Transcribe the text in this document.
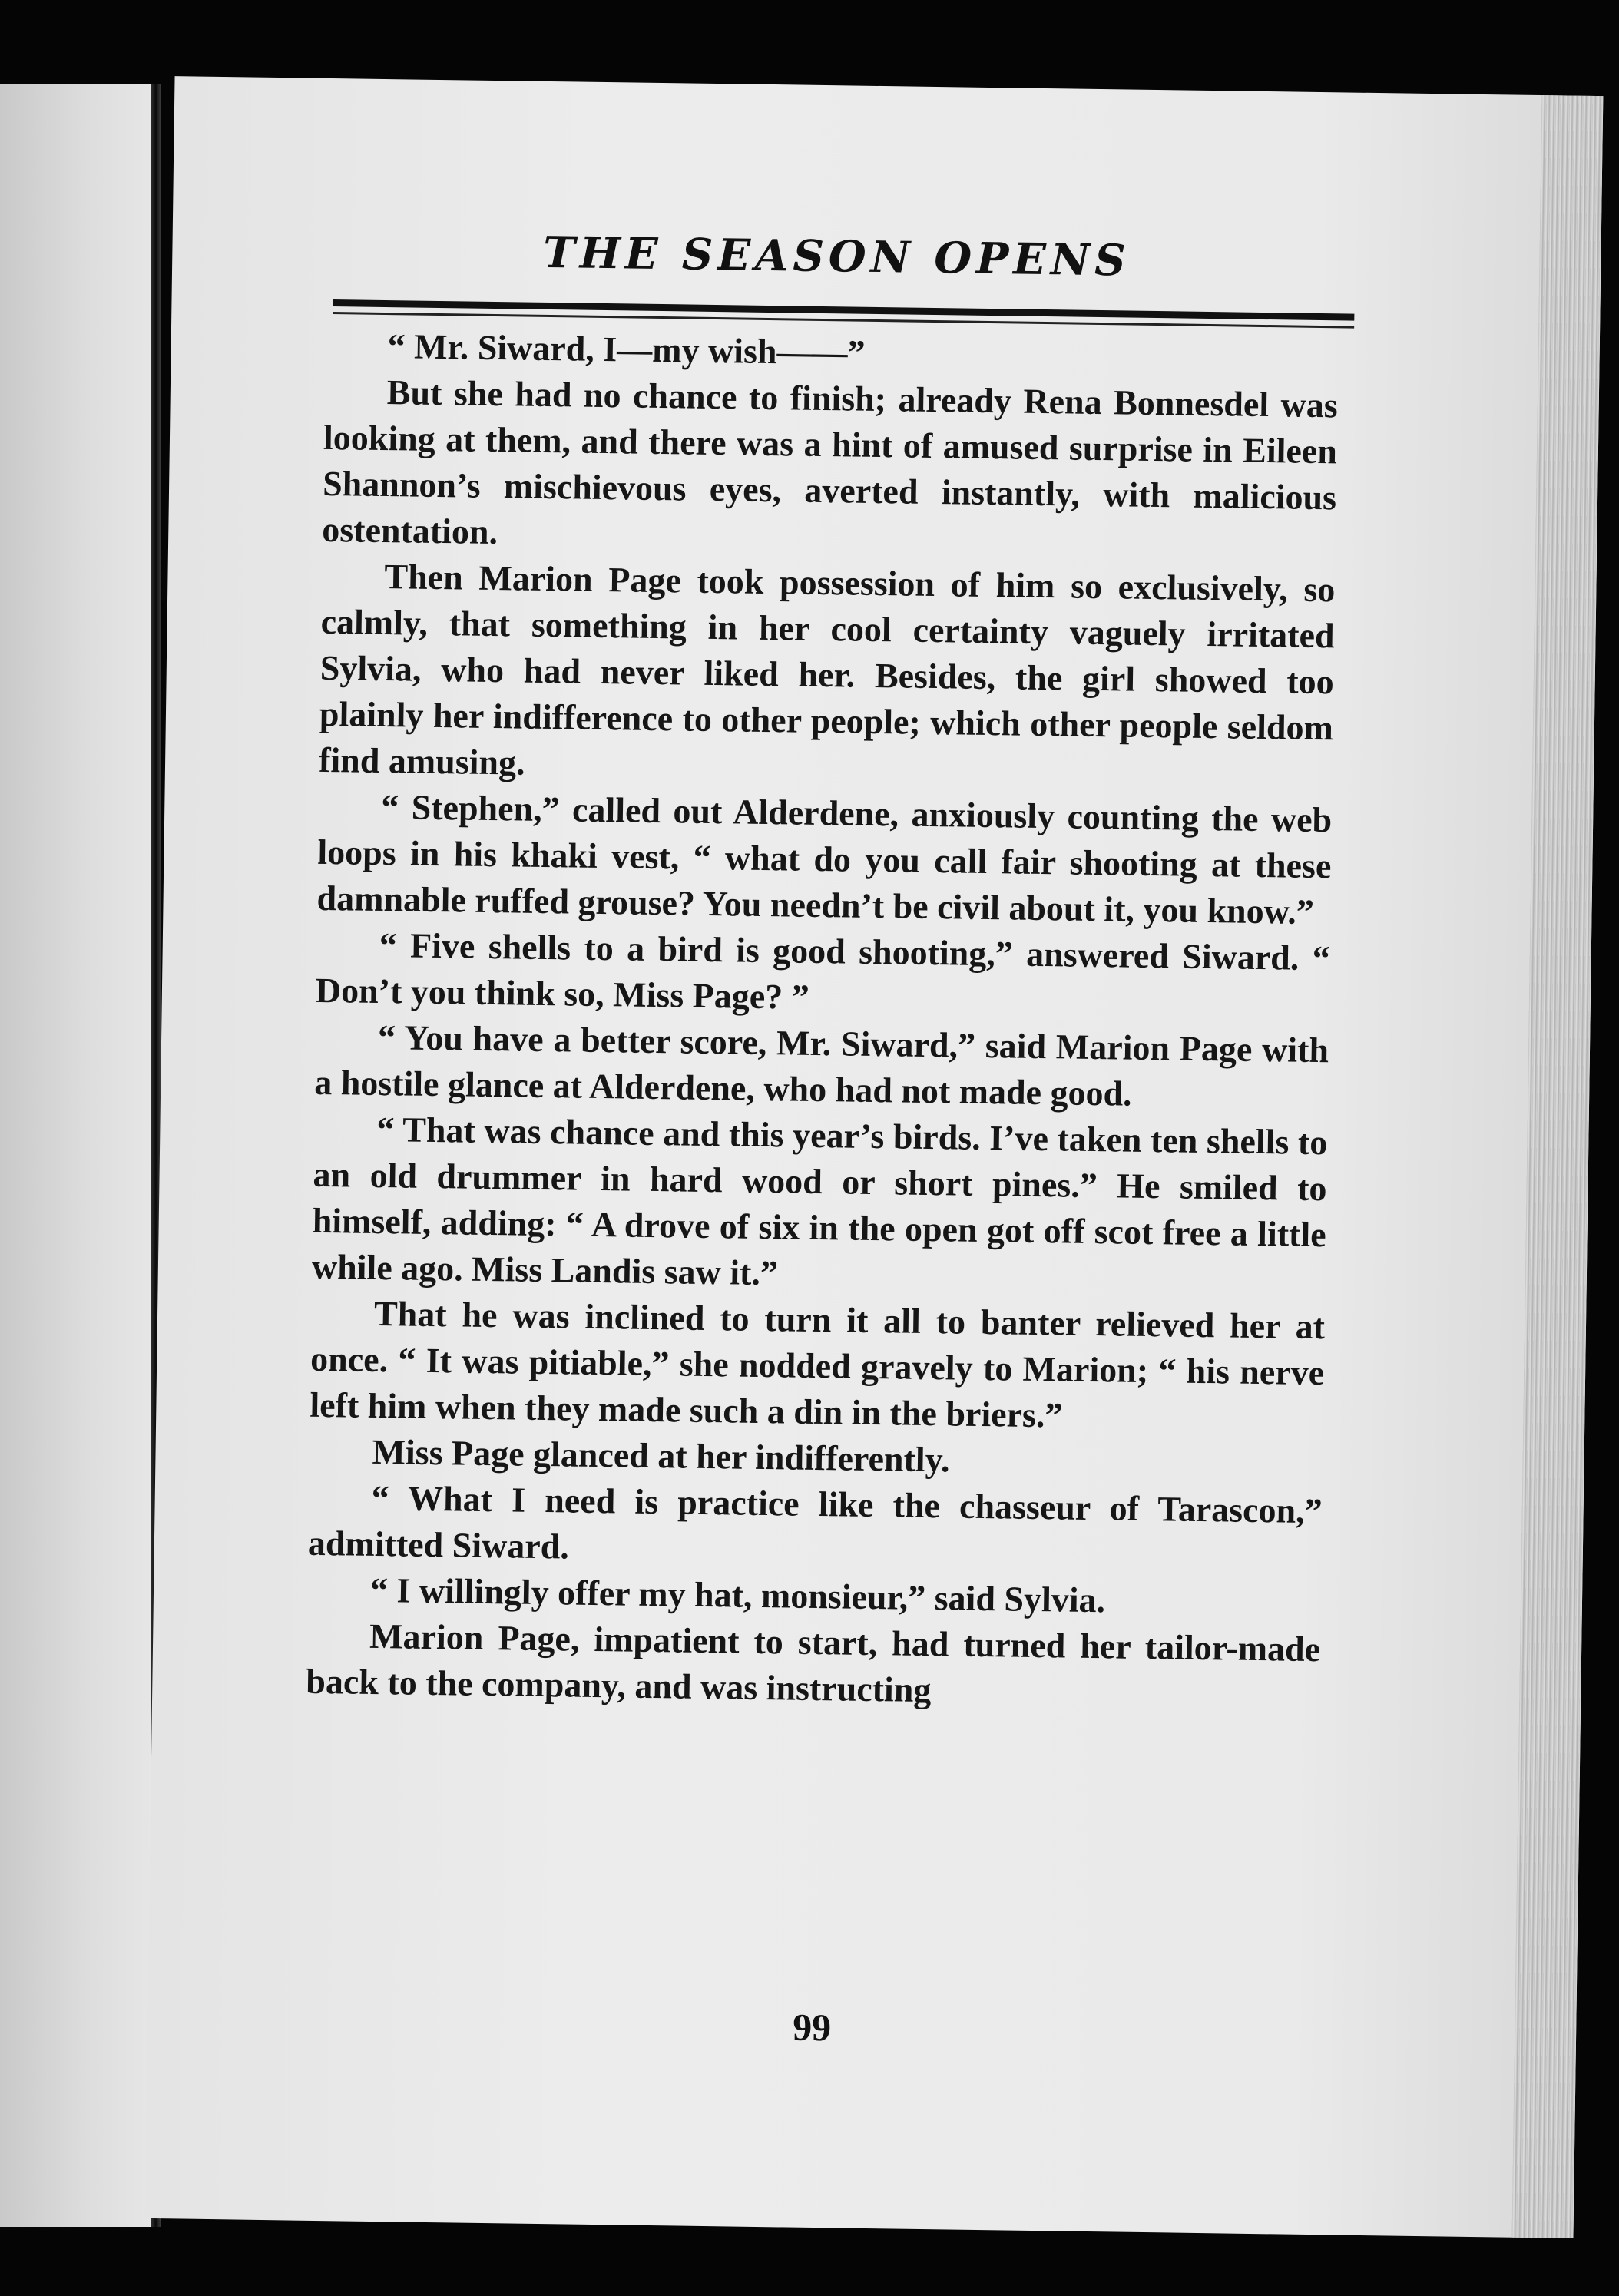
THE SEASON OPENS

“ Mr. Siward, I—my wish——”

But she had no chance to finish; already Rena Bonnesdel was looking at them, and there was a hint of amused surprise in Eileen Shannon’s mischievous eyes, averted instantly, with malicious ostentation.

Then Marion Page took possession of him so exclusively, so calmly, that something in her cool certainty vaguely irritated Sylvia, who had never liked her. Besides, the girl showed too plainly her indifference to other people; which other people seldom find amusing.

“ Stephen,” called out Alderdene, anxiously counting the web loops in his khaki vest, “ what do you call fair shooting at these damnable ruffed grouse? You needn’t be civil about it, you know.”

“ Five shells to a bird is good shooting,” answered Siward. “ Don’t you think so, Miss Page? ”

“ You have a better score, Mr. Siward,” said Marion Page with a hostile glance at Alderdene, who had not made good.

“ That was chance and this year’s birds. I’ve taken ten shells to an old drummer in hard wood or short pines.” He smiled to himself, adding: “ A drove of six in the open got off scot free a little while ago. Miss Landis saw it.”

That he was inclined to turn it all to banter relieved her at once. “ It was pitiable,” she nodded gravely to Marion; “ his nerve left him when they made such a din in the briers.”

Miss Page glanced at her indifferently.

“ What I need is practice like the chasseur of Tarascon,” admitted Siward.

“ I willingly offer my hat, monsieur,” said Sylvia.

Marion Page, impatient to start, had turned her tailor-made back to the company, and was instructing

99
